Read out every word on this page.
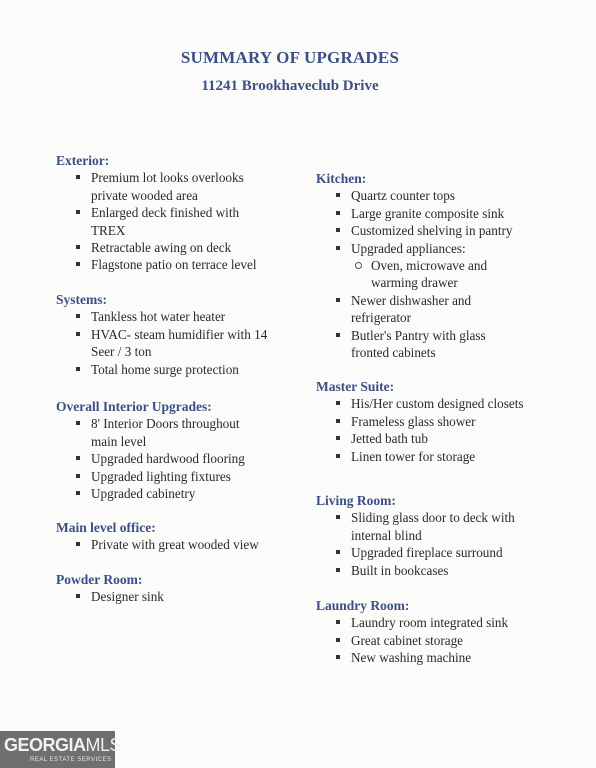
SUMMARY OF UPGRADES
11241 Brookhaveclub Drive
Exterior:
Premium lot looks overlooks
private wooded area
Enlarged deck finished with
TREX
Retractable awing on deck
Flagstone patio on terrace level
Systems:
Tankless hot water heater
HVAC- steam humidifier with 14
Seer / 3 ton
Total home surge protection
Overall Interior Upgrades:
8' Interior Doors throughout
main level
Upgraded hardwood flooring
Upgraded lighting fixtures
Upgraded cabinetry
Main level office:
Private with great wooded view
Powder Room:
Designer sink
Kitchen:
Quartz counter tops
Large granite composite sink
Customized shelving in pantry
Upgraded appliances:
Oven, microwave and
warming drawer
Newer dishwasher and
refrigerator
Butler's Pantry with glass
fronted cabinets
Master Suite:
His/Her custom designed closets
Frameless glass shower
Jetted bath tub
Linen tower for storage
Living Room:
Sliding glass door to deck with
internal blind
Upgraded fireplace surround
Built in bookcases
Laundry Room:
Laundry room integrated sink
Great cabinet storage
New washing machine
GEORGIAMLS
REAL ESTATE SERVICES
